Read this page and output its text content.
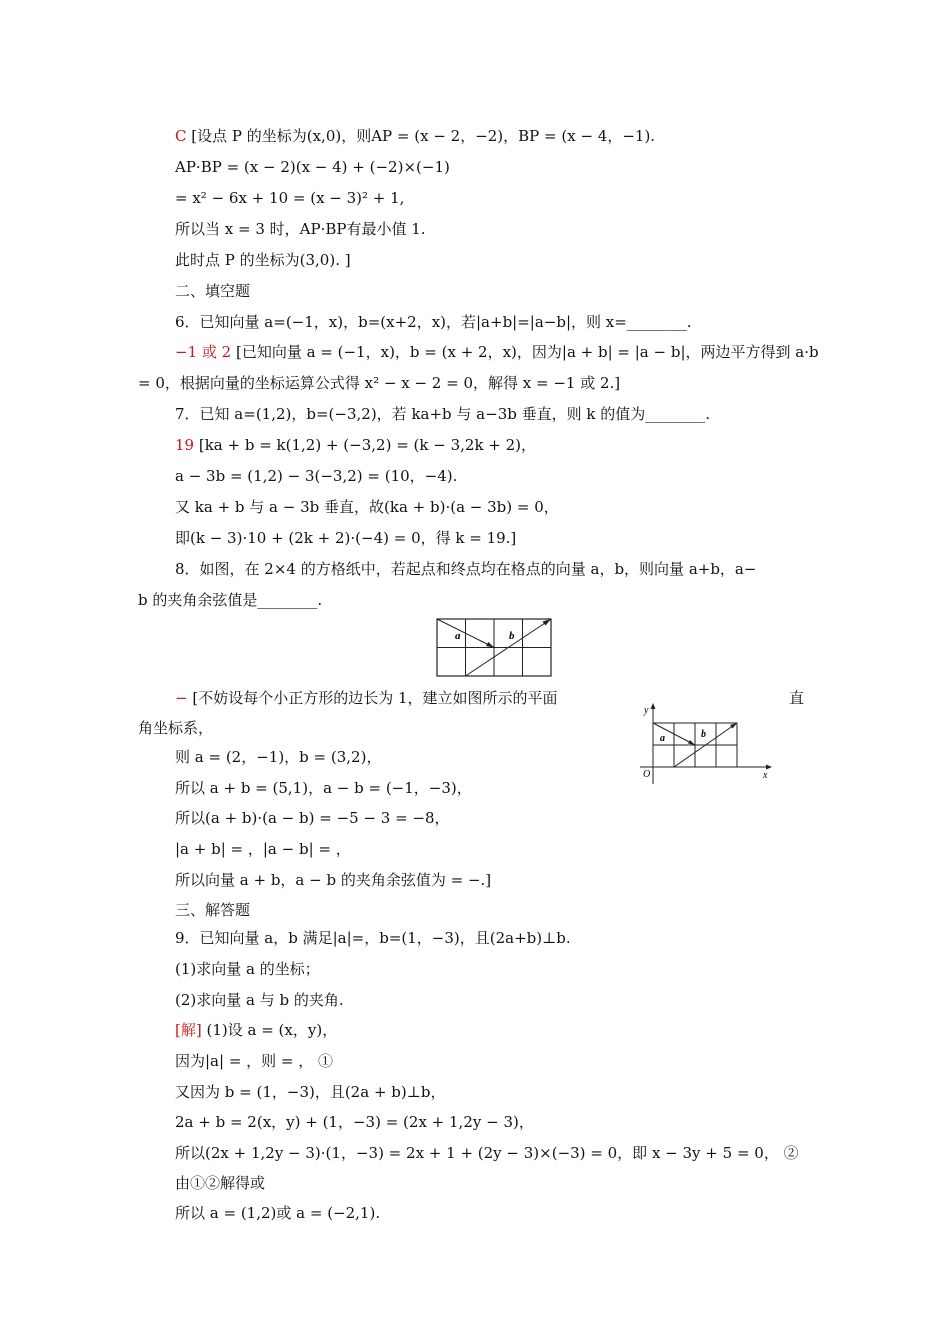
C [设点 P 的坐标为(x,0)，则AP = (x − 2，−2)，BP = (x − 4，−1).
AP·BP = (x − 2)(x − 4) + (−2)×(−1)
= x² − 6x + 10 = (x − 3)² + 1,
所以当 x = 3 时，AP·BP有最小值 1.
此时点 P 的坐标为(3,0). ]
二、填空题
6．已知向量 a=(−1，x)，b=(x+2，x)，若|a+b|=|a−b|，则 x=________.
−1 或 2 [已知向量 a = (−1，x)，b = (x + 2，x)，因为|a + b| = |a − b|，两边平方得到 a·b
= 0，根据向量的坐标运算公式得 x² − x − 2 = 0，解得 x = −1 或 2.]
7．已知 a=(1,2)，b=(−3,2)，若 ka+b 与 a−3b 垂直，则 k 的值为________.
19 [ka + b = k(1,2) + (−3,2) = (k − 3,2k + 2)，
a − 3b = (1,2) − 3(−3,2) = (10，−4).
又 ka + b 与 a − 3b 垂直，故(ka + b)·(a − 3b) = 0，
即(k − 3)·10 + (2k + 2)·(−4) = 0，得 k = 19.]
8．如图，在 2×4 的方格纸中，若起点和终点均在格点的向量 a，b，则向量 a+b，a−
b 的夹角余弦值是________.
− [不妨设每个小正方形的边长为 1，建立如图所示的平面	直
角坐标系，
则 a = (2，−1)，b = (3,2)，
所以 a + b = (5,1)，a − b = (−1，−3)，
所以(a + b)·(a − b) = −5 − 3 = −8，
|a + b| = ，|a − b| = ，
所以向量 a + b，a − b 的夹角余弦值为 = −.]
三、解答题
9．已知向量 a，b 满足|a|=，b=(1，−3)，且(2a+b)⊥b.
(1)求向量 a 的坐标；
(2)求向量 a 与 b 的夹角.
[解] (1)设 a = (x，y)，
因为|a| = ，则 = ， ①
又因为 b = (1，−3)，且(2a + b)⊥b，
2a + b = 2(x，y) + (1，−3) = (2x + 1,2y − 3)，
所以(2x + 1,2y − 3)·(1，−3) = 2x + 1 + (2y − 3)×(−3) = 0，即 x − 3y + 5 = 0， ②
由①②解得或
所以 a = (1,2)或 a = (−2,1).
a	b
y
x
O
a	b
